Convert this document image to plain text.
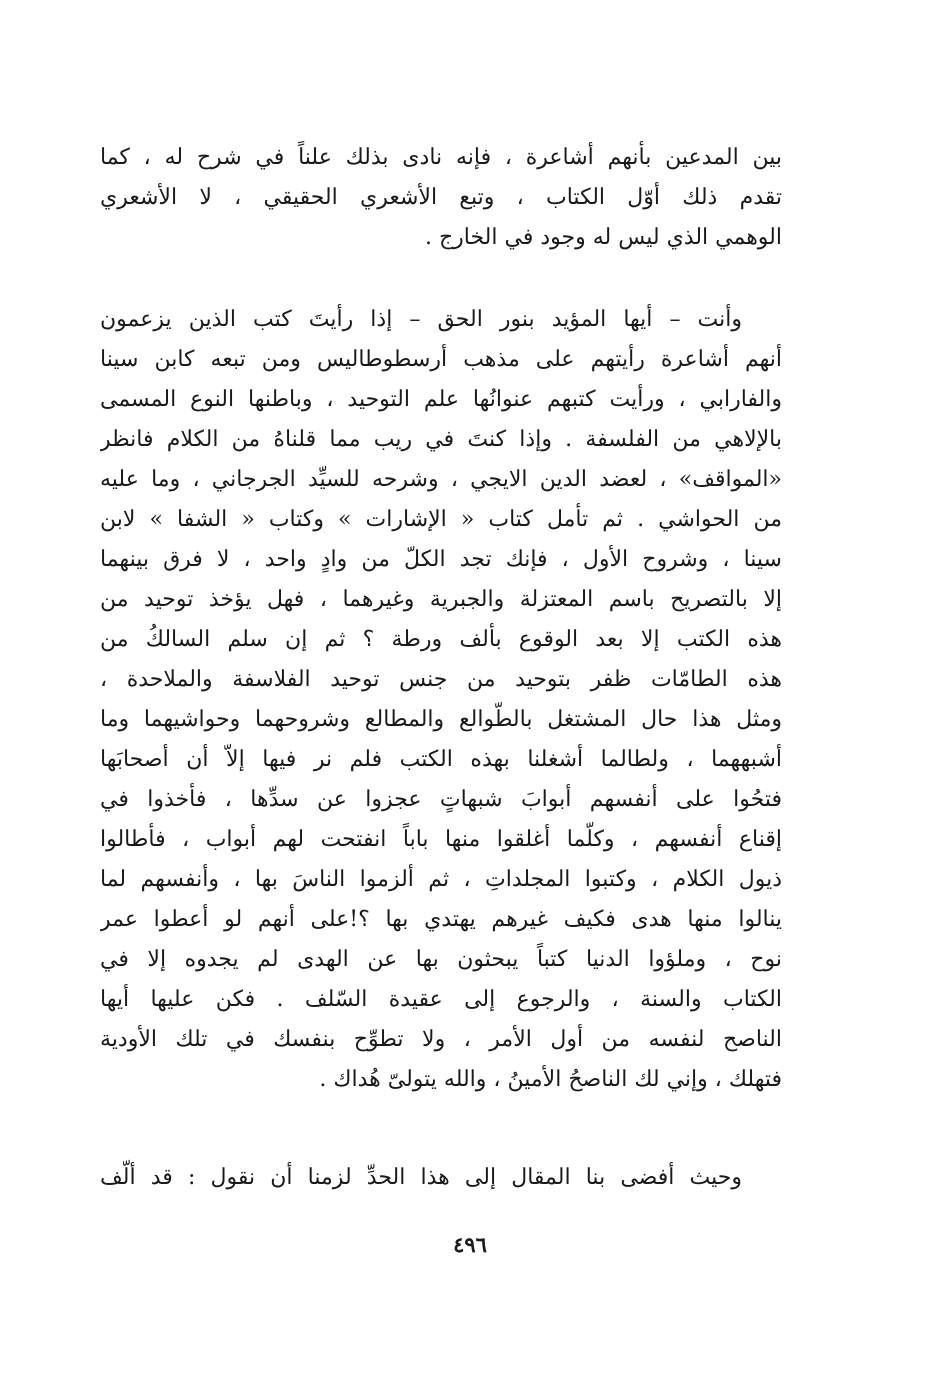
بين المدعين بأنهم أشاعرة ، فإنه نادى بذلك علناً في شرح له ، كما
تقدم ذلك أوّل الكتاب ، وتبع الأشعري الحقيقي ، لا الأشعري
الوهمي الذي ليس له وجود في الخارج .
وأنت – أيها المؤيد بنور الحق – إذا رأيتَ كتب الذين يزعمون
أنهم أشاعرة رأيتهم على مذهب أرسطوطاليس ومن تبعه كابن سينا
والفارابي ، ورأيت كتبهم عنوانُها علم التوحيد ، وباطنها النوع المسمى
بالإلاهي من الفلسفة . وإذا كنتَ في ريب مما قلناهُ من الكلام فانظر
«المواقف» ، لعضد الدين الايجي ، وشرحه للسيِّد الجرجاني ، وما عليه
من الحواشي . ثم تأمل كتاب « الإشارات » وكتاب « الشفا » لابن
سينا ، وشروح الأول ، فإنك تجد الكلّ من وادٍ واحد ، لا فرق بينهما
إلا بالتصريح باسم المعتزلة والجبرية وغيرهما ، فهل يؤخذ توحيد من
هذه الكتب إلا بعد الوقوع بألف ورطة ؟ ثم إن سلم السالكُ من
هذه الطامّات ظفر بتوحيد من جنس توحيد الفلاسفة والملاحدة ،
ومثل هذا حال المشتغل بالطّوالع والمطالع وشروحهما وحواشيهما وما
أشبههما ، ولطالما أشغلنا بهذه الكتب فلم نر فيها إلاّ أن أصحابَها
فتحُوا على أنفسهم أبوابَ شبهاتٍ عجزوا عن سدِّها ، فأخذوا في
إقناع أنفسهم ، وكلّما أغلقوا منها باباً انفتحت لهم أبواب ، فأطالوا
ذيول الكلام ، وكتبوا المجلداتِ ، ثم ألزموا الناسَ بها ، وأنفسهم لما
ينالوا منها هدى فكيف غيرهم يهتدي بها ؟!على أنهم لو أعطوا عمر
نوح ، وملؤوا الدنيا كتباً يبحثون بها عن الهدى لم يجدوه إلا في
الكتاب والسنة ، والرجوع إلى عقيدة السّلف . فكن عليها أيها
الناصح لنفسه من أول الأمر ، ولا تطوِّح بنفسك في تلك الأودية
فتهلك ، وإني لك الناصحُ الأمينُ ، والله يتولىّ هُداك .
وحيث أفضى بنا المقال إلى هذا الحدِّ لزمنا أن نقول : قد ألّف
٤٩٦
